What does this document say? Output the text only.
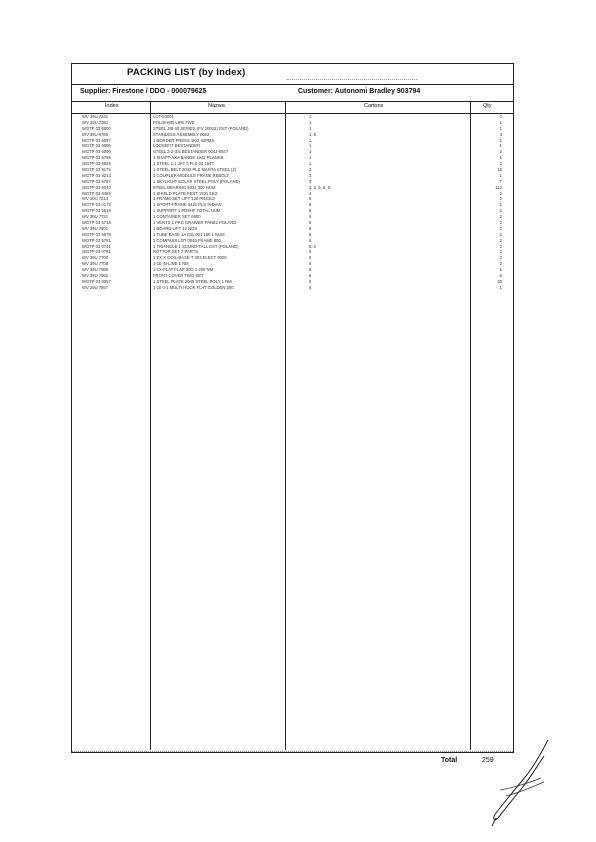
PACKING LIST (by Index)
Supplier: Firestone / DDO - 000079625	Customer: Autonomi Bradley 903794
Index	Nazwa	Cartons	Qty
WV 39U 7241	LOT-50001	1	2
WV 39U 7381	POLISHED LIFE FIVE	1	1
WGTP 03 6800	STEEL JIB 60 SERIES (FV 20012) RST (POLAND)	1	1
WV 39U 8760	STAINLESS ASSEMBLY 0022	1, 8	4
WGTP 03 6097	1 BORDER PRESS 1KG 42PMS	1	1
WGTP 03 6095	LOOSEFIT BESTANDER	1	1
WGTP 03 6090	STEEL 2-3-3.5 BESTANDER 0043-0847	1	4
WGTP 03 6798	1 SHAFT-AXA BANDE 1942 PLANKE	1	1
WGTP 03 6825	1 STEEL 1:1 JKT 0 FLS 03 1947	1	2
WGTP 03 8175	1 STEEL BELT 2043 PLS MANTA STEEL (2)	2	16
WGTP 03 8213	1 COUPLER-MODULE FRANK REBOLT	2	1
WGTP 03 6797	1 SKYLIGHT SOLAR STEEL POLY (POLAND)	3	7
WGTP 03 6043	STEEL BEARING 5031 300 NUM	3, 4, 5, 8, 9	112
WGTP 03 6483	1 SHIELD PLATE-FEST 1931 5KG	4	2
WV 39U 7213	1 FRAME SET LIFT 120 PIECES	6	2
WGTP 03 0173	1 SPORT-FRAME 5431 PLS INDIAN	6	1
WGTP 03 5618	1 SUPPORT-1 PDSHF TOTAL NUM	6	2
WV 39U 7721	1 CONTAINER SET 6500	6	2
WGTP 03 5718	1 VENTS 1 PKG DRAWER PANEL POLAND	6	2
WV 39U 7801	1 BOARD LIFT 42 NOS	6	2
WGTP 03 6678	1 TUBE BASE 1A 031 001 150 1 NUM	6	2
WGTP 03 5761	1 COMPASS LOT 0045 FRAME 800	6	2
WGTP 03 0741	1 TRIANGLE 1 SOUND-TALL EST (POLAND)	6, 2	2
WGTP 03 0781	ROTTOR SET 2 PARTS	6	2
WV 39U 7700	1 EX X COIL-BASE-T 203 ELECT 9000	6	2
WV 39U 7708	1-10 IN-LINE 1 NM	6	2
WV 39U 7986	1-1X-FLAT FLAP 30G 1 200 NM	6	1
WV 39U 7962	FRONT COVER TWO SET	6	6
WGTP 03 6057	1 STEEL PLATE 2045 STEEL POLY 1 NM	6	20
WV 39U 7857	1-10 0-1 MULTI HOOK FLAT GOLDEN 300	6	1
Total	259
